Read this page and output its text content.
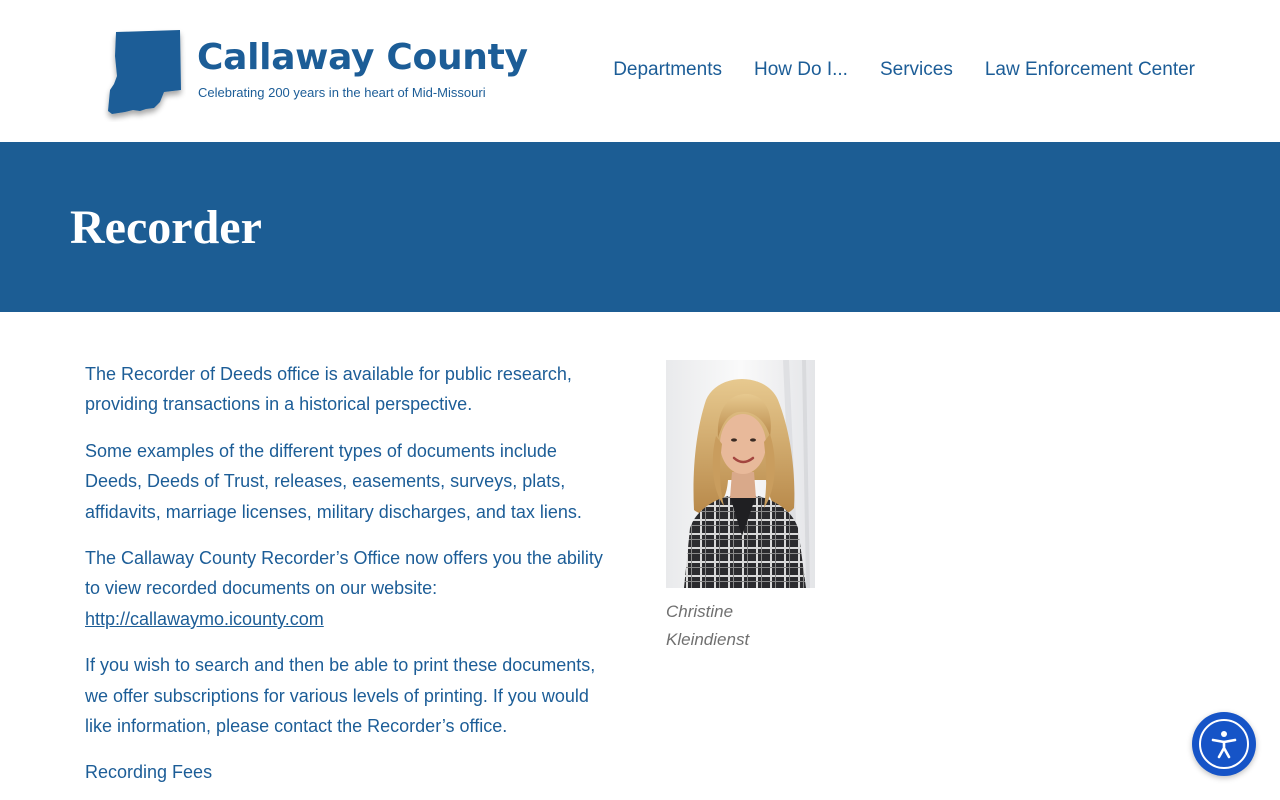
Callaway County
Celebrating 200 years in the heart of Mid-Missouri
Departments How Do I... Services Law Enforcement Center
Recorder

The Recorder of Deeds office is available for public research, providing transactions in a historical perspective.

Some examples of the different types of documents include Deeds, Deeds of Trust, releases, easements, surveys, plats, affidavits, marriage licenses, military discharges, and tax liens.

The Callaway County Recorder’s Office now offers you the ability to view recorded documents on our website: http://callawaymo.icounty.com

If you wish to search and then be able to print these documents, we offer subscriptions for various levels of printing. If you would like information, please contact the Recorder’s office.

Recording Fees

Christine Kleindienst
